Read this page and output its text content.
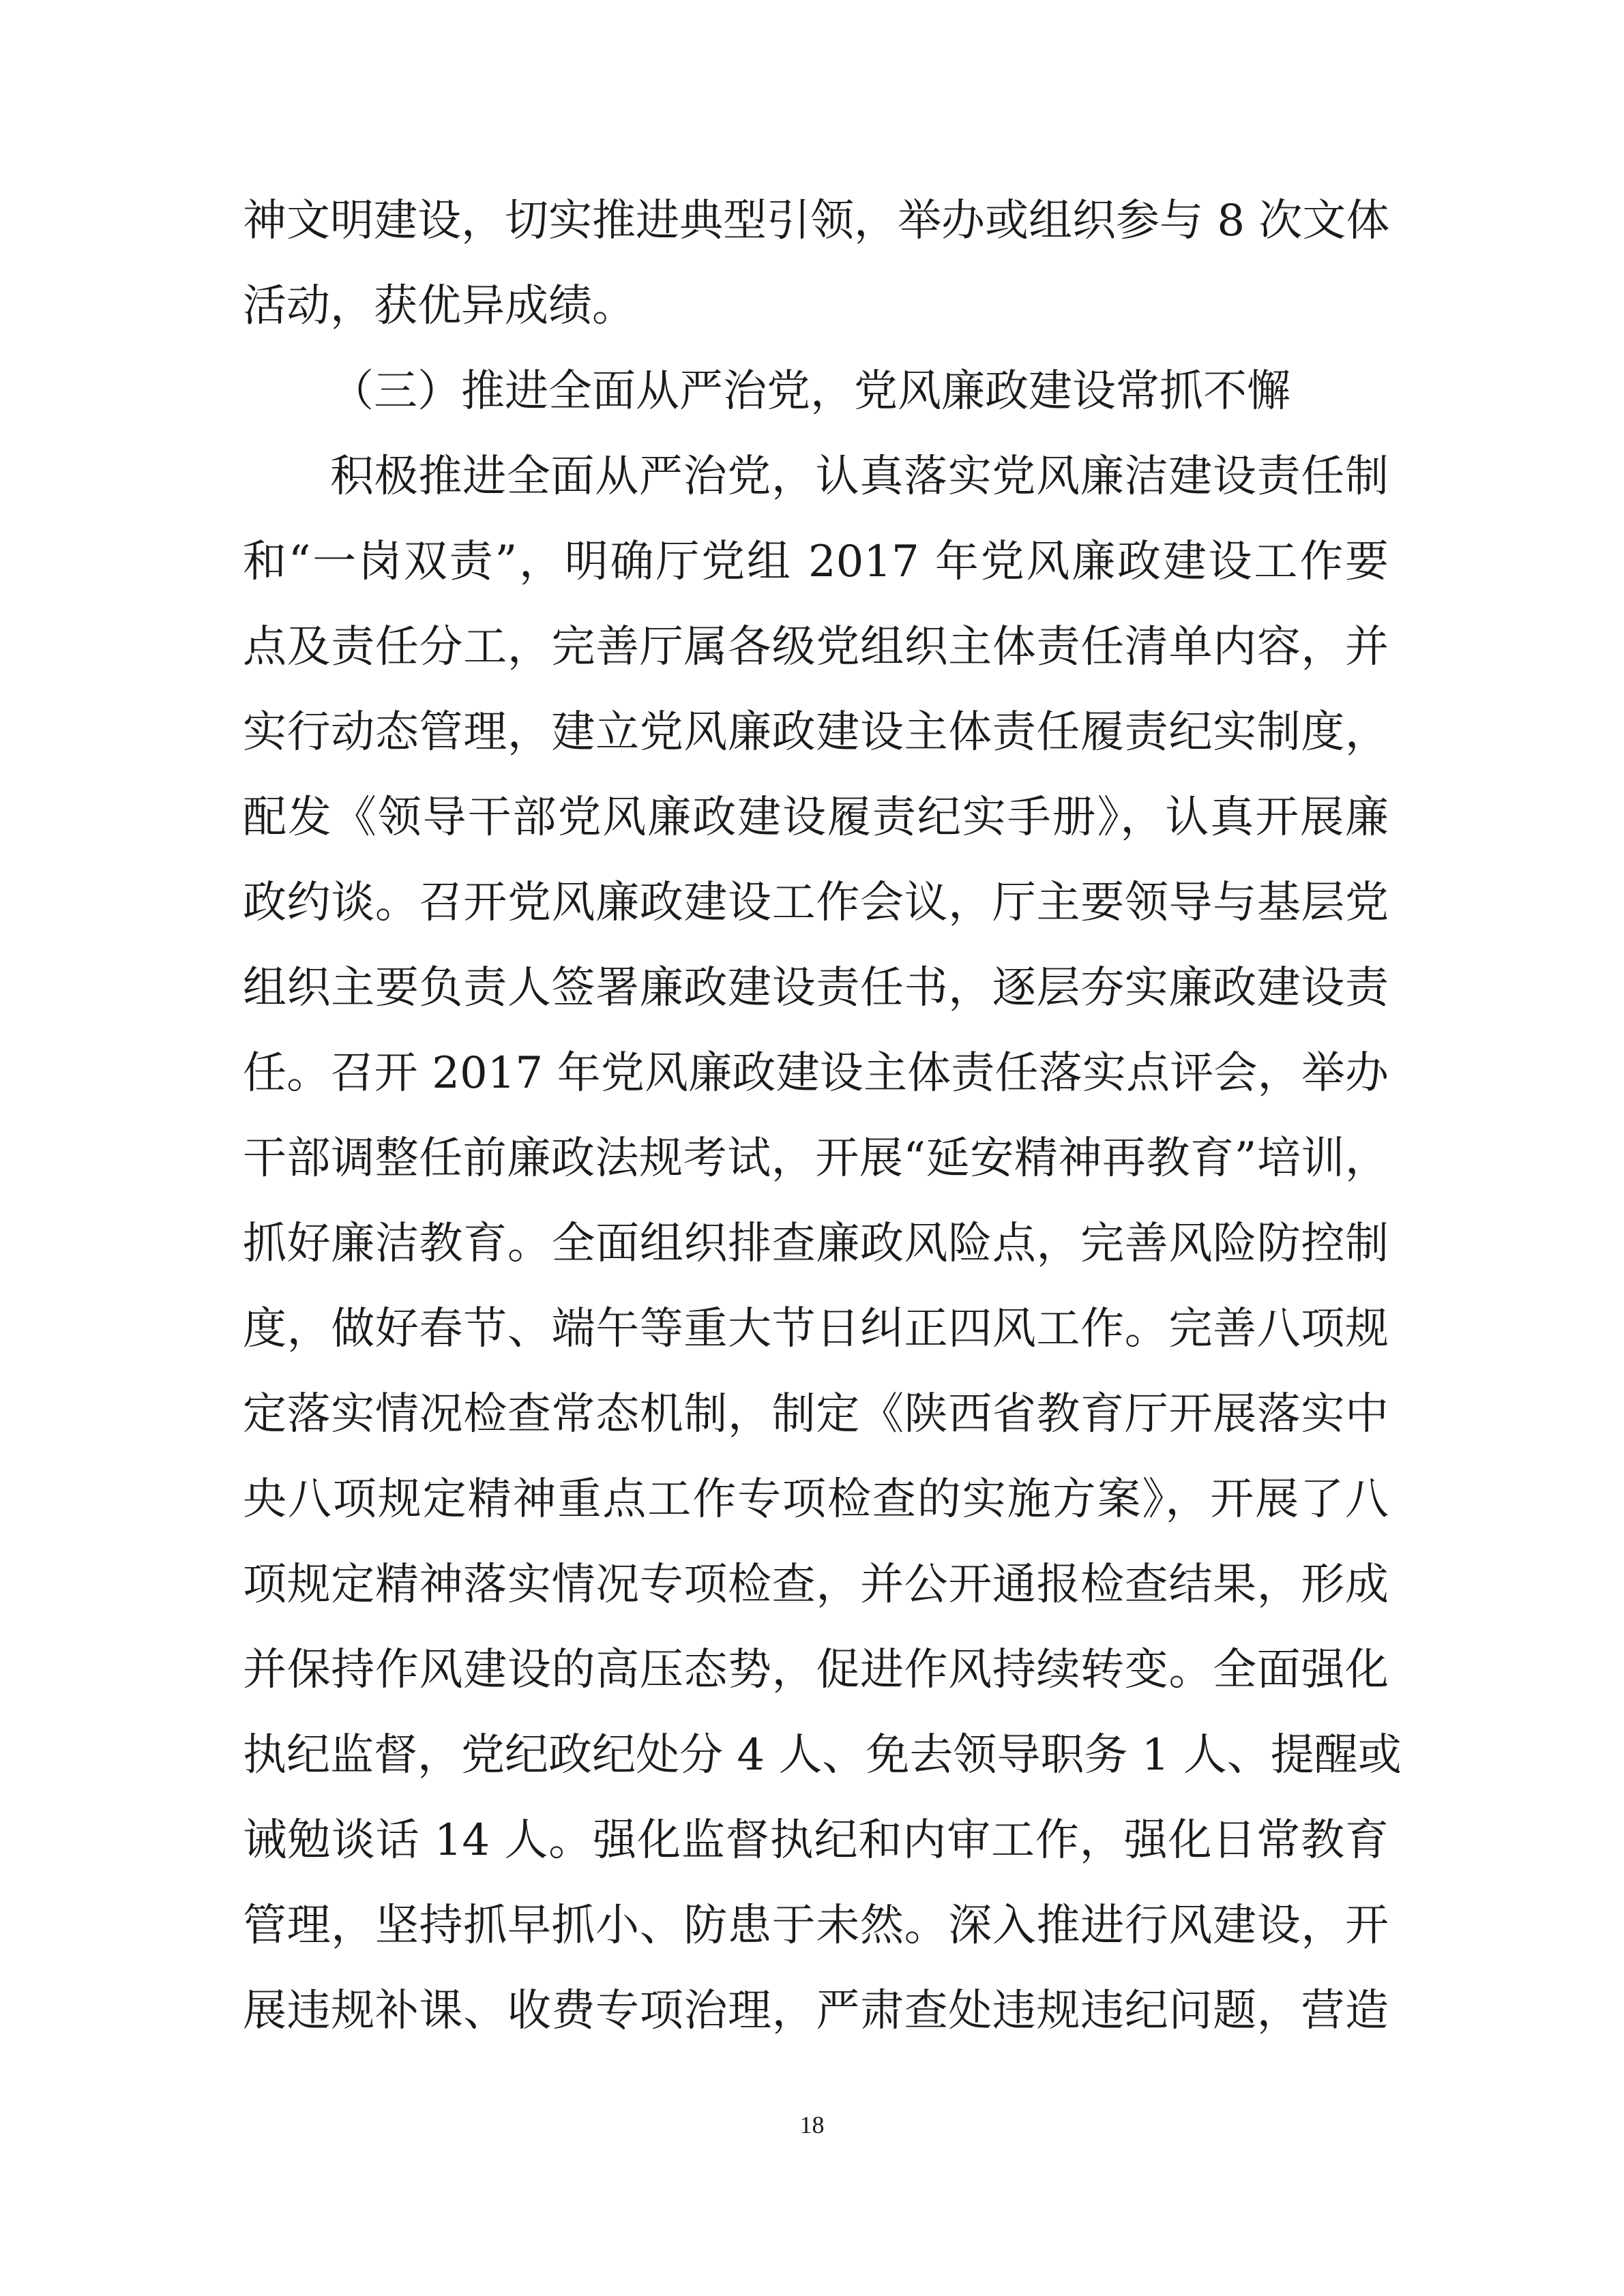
神文明建设，切实推进典型引领，举办或组织参与 8 次文体
活动，获优异成绩。
（三）推进全面从严治党，党风廉政建设常抓不懈
积极推进全面从严治党，认真落实党风廉洁建设责任制
和“一岗双责”，明确厅党组 2017 年党风廉政建设工作要
点及责任分工，完善厅属各级党组织主体责任清单内容，并
实行动态管理，建立党风廉政建设主体责任履责纪实制度，
配发《领导干部党风廉政建设履责纪实手册》，认真开展廉
政约谈。召开党风廉政建设工作会议，厅主要领导与基层党
组织主要负责人签署廉政建设责任书，逐层夯实廉政建设责
任。召开 2017 年党风廉政建设主体责任落实点评会，举办
干部调整任前廉政法规考试，开展“延安精神再教育”培训，
抓好廉洁教育。全面组织排查廉政风险点，完善风险防控制
度，做好春节、端午等重大节日纠正四风工作。完善八项规
定落实情况检查常态机制，制定《陕西省教育厅开展落实中
央八项规定精神重点工作专项检查的实施方案》，开展了八
项规定精神落实情况专项检查，并公开通报检查结果，形成
并保持作风建设的高压态势，促进作风持续转变。全面强化
执纪监督，党纪政纪处分 4 人、免去领导职务 1 人、提醒或
诫勉谈话 14 人。强化监督执纪和内审工作，强化日常教育
管理，坚持抓早抓小、防患于未然。深入推进行风建设，开
展违规补课、收费专项治理，严肃查处违规违纪问题，营造
18
